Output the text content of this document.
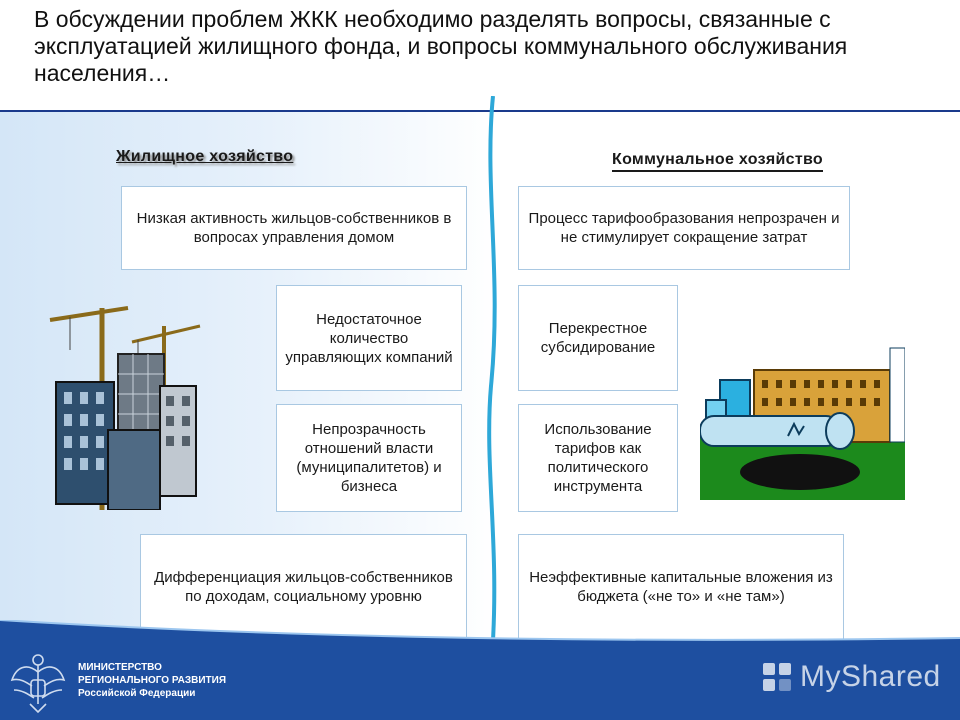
В обсуждении проблем ЖКК необходимо разделять вопросы, связанные с эксплуатацией жилищного фонда, и вопросы коммунального обслуживания населения…
Жилищное хозяйство	Коммунальное хозяйство
Низкая активность жильцов-собственников в вопросах управления домом
Недостаточное количество управляющих компаний
Непрозрачность отношений власти (муниципалитетов) и бизнеса
Дифференциация жильцов-собственников по доходам, социальному уровню
Процесс тарифообразования непрозрачен и не стимулирует сокращение затрат
Перекрестное субсидирование
Использование тарифов как политического инструмента
Неэффективные капитальные вложения из бюджета («не то» и «не там»)
МИНИСТЕРСТВО
РЕГИОНАЛЬНОГО РАЗВИТИЯ
Российской Федерации
MyShared
